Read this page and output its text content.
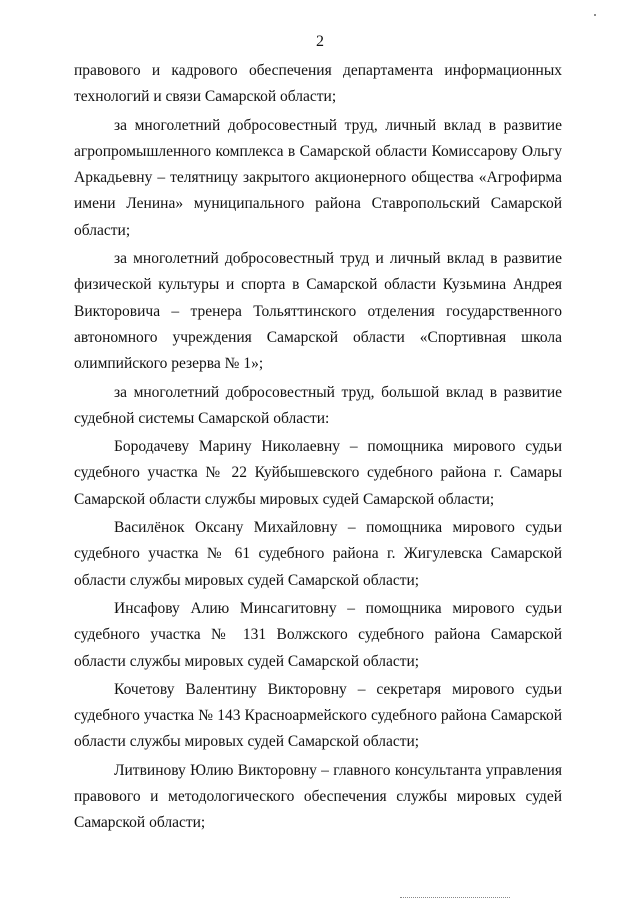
2

правового и кадрового обеспечения департамента информационных технологий и связи Самарской области;

за многолетний добросовестный труд, личный вклад в развитие агропромышленного комплекса в Самарской области Комиссарову Ольгу Аркадьевну – телятницу закрытого акционерного общества «Агрофирма имени Ленина» муниципального района Ставропольский Самарской области;

за многолетний добросовестный труд и личный вклад в развитие физической культуры и спорта в Самарской области Кузьмина Андрея Викторовича – тренера Тольяттинского отделения государственного автономного учреждения Самарской области «Спортивная школа олимпийского резерва № 1»;

за многолетний добросовестный труд, большой вклад в развитие судебной системы Самарской области:

Бородачеву Марину Николаевну – помощника мирового судьи судебного участка № 22 Куйбышевского судебного района г. Самары Самарской области службы мировых судей Самарской области;

Василёнок Оксану Михайловну – помощника мирового судьи судебного участка № 61 судебного района г. Жигулевска Самарской области службы мировых судей Самарской области;

Инсафову Алию Минсагитовну – помощника мирового судьи судебного участка № 131 Волжского судебного района Самарской области службы мировых судей Самарской области;

Кочетову Валентину Викторовну – секретаря мирового судьи судебного участка № 143 Красноармейского судебного района Самарской области службы мировых судей Самарской области;

Литвинову Юлию Викторовну – главного консультанта управления правового и методологического обеспечения службы мировых судей Самарской области;
